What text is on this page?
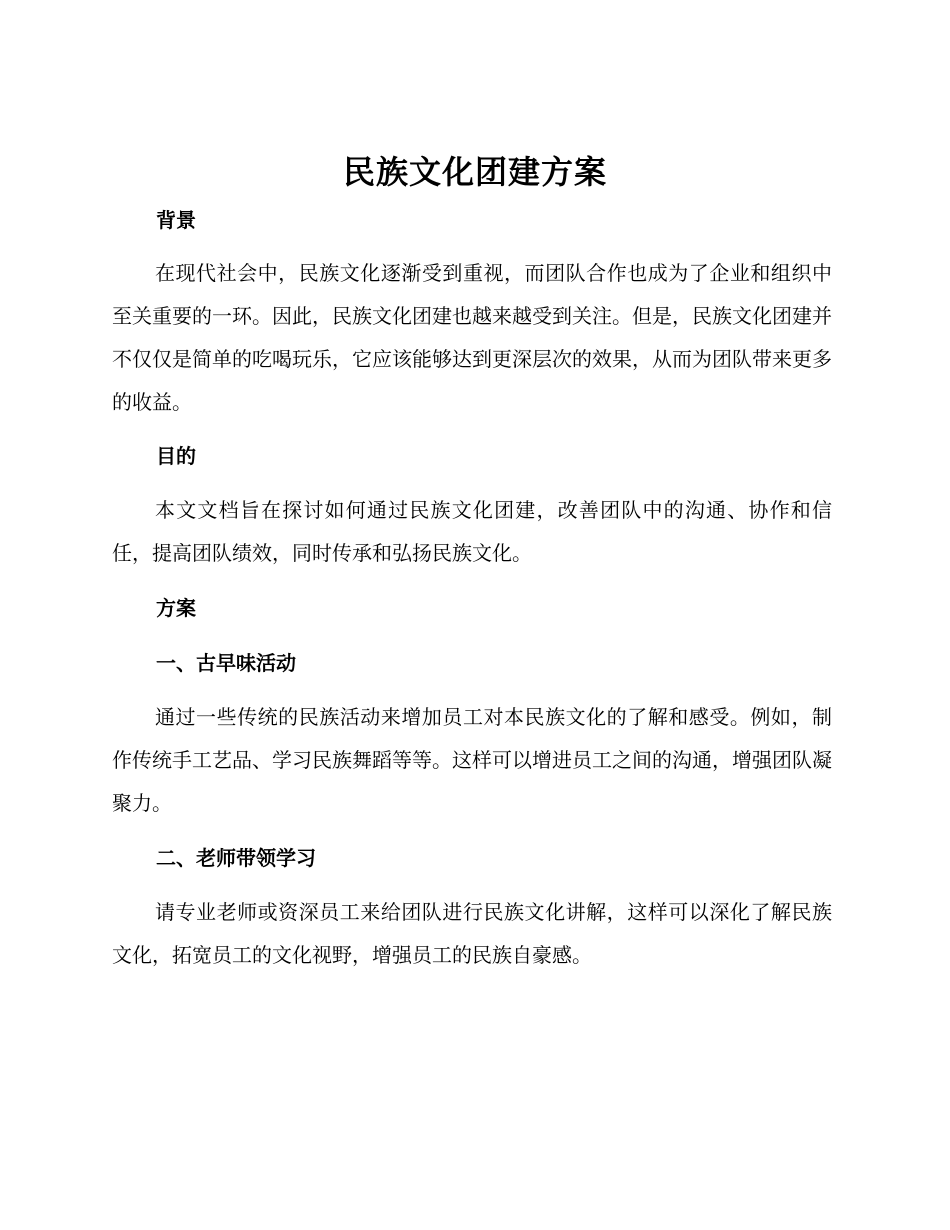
民族文化团建方案
背景
在现代社会中，民族文化逐渐受到重视，而团队合作也成为了企业和组织中至关重要的一环。因此，民族文化团建也越来越受到关注。但是，民族文化团建并不仅仅是简单的吃喝玩乐，它应该能够达到更深层次的效果，从而为团队带来更多的收益。
目的
本文文档旨在探讨如何通过民族文化团建，改善团队中的沟通、协作和信任，提高团队绩效，同时传承和弘扬民族文化。
方案
一、古早味活动
通过一些传统的民族活动来增加员工对本民族文化的了解和感受。例如，制作传统手工艺品、学习民族舞蹈等等。这样可以增进员工之间的沟通，增强团队凝聚力。
二、老师带领学习
请专业老师或资深员工来给团队进行民族文化讲解，这样可以深化了解民族文化，拓宽员工的文化视野，增强员工的民族自豪感。
